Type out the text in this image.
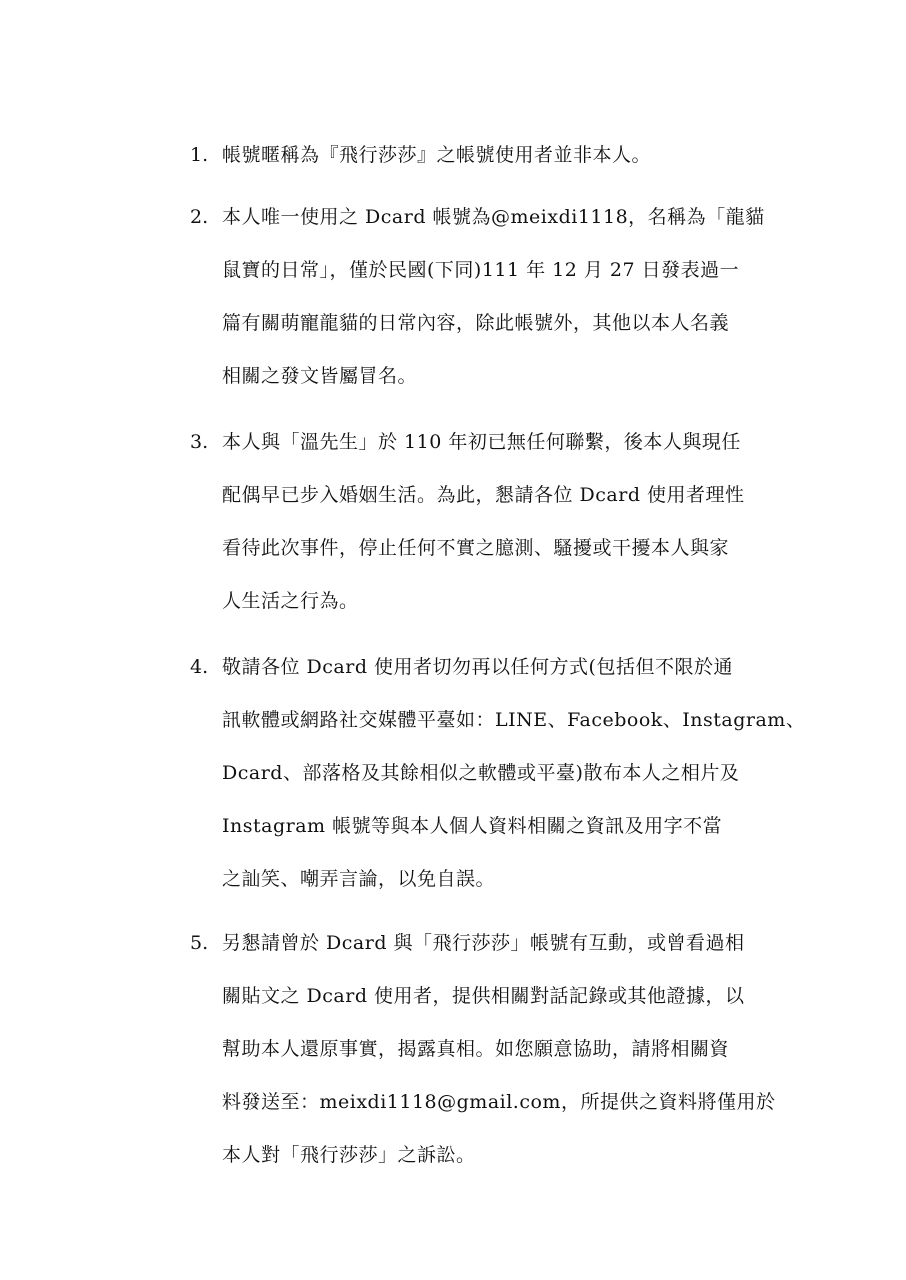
1. 帳號暱稱為『飛行莎莎』之帳號使用者並非本人。
2. 本人唯一使用之 Dcard 帳號為@meixdi1118，名稱為「龍貓
鼠寶的日常」，僅於民國(下同)111 年 12 月 27 日發表過一
篇有關萌寵龍貓的日常內容，除此帳號外，其他以本人名義
相關之發文皆屬冒名。
3. 本人與「溫先生」於 110 年初已無任何聯繫，後本人與現任
配偶早已步入婚姻生活。為此，懇請各位 Dcard 使用者理性
看待此次事件，停止任何不實之臆測、騷擾或干擾本人與家
人生活之行為。
4. 敬請各位 Dcard 使用者切勿再以任何方式(包括但不限於通
訊軟體或網路社交媒體平臺如：LINE、Facebook、Instagram、
Dcard、部落格及其餘相似之軟體或平臺)散布本人之相片及
Instagram 帳號等與本人個人資料相關之資訊及用字不當
之訕笑、嘲弄言論，以免自誤。
5. 另懇請曾於 Dcard 與「飛行莎莎」帳號有互動，或曾看過相
關貼文之 Dcard 使用者，提供相關對話記錄或其他證據，以
幫助本人還原事實，揭露真相。如您願意協助，請將相關資
料發送至：meixdi1118@gmail.com，所提供之資料將僅用於
本人對「飛行莎莎」之訴訟。
